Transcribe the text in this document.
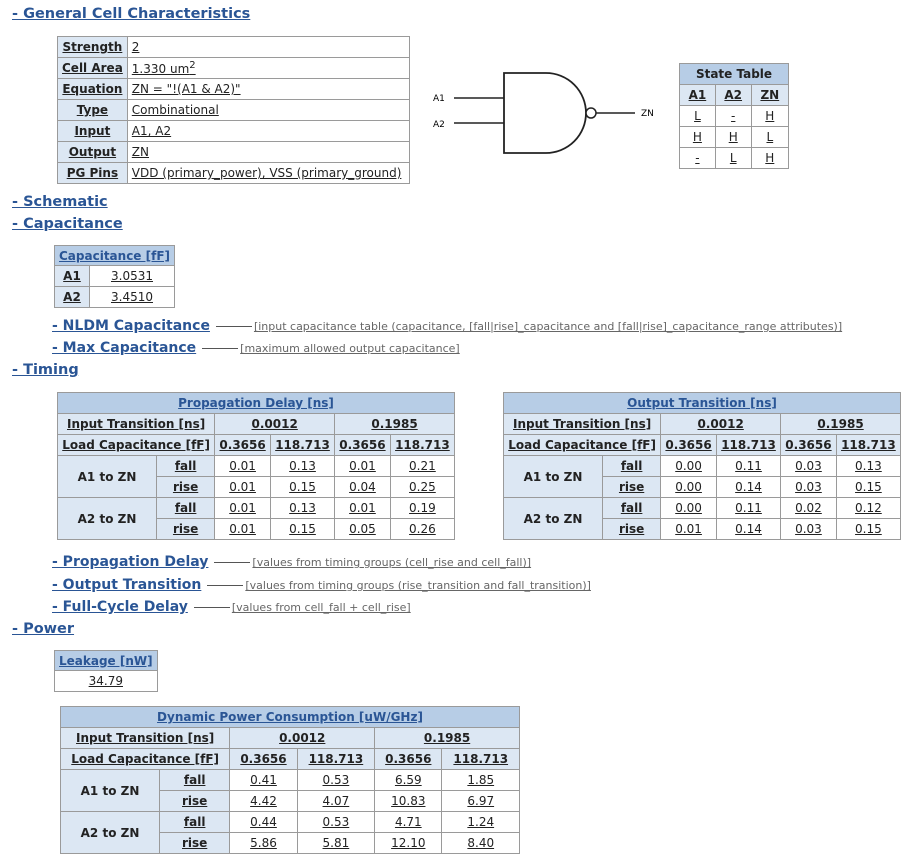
- General Cell Characteristics
- Schematic
- Capacitance
- Timing
- Power
Strength	2
Cell Area	1.330 $um^2$
Equation	ZN = "!(A1 & A2)"
Type	Combinational
Input	A1, A2
Output	ZN
PG Pins	VDD (primary_power), VSS (primary_ground)
A1
A2
ZN
State Table		
A1	A2	ZN
L	-	H
H	H	L
-	L	H
Capacitance [fF]	
A1	3.0531
A2	3.4510
- NLDM Capacitance	[input capacitance table (capacitance, [fall|rise]_capacitance and [fall|rise]_capacitance_range attributes)]
- Max Capacitance	[maximum allowed output capacitance]
Propagation Delay [ns]					
Input Transition [ns]		0.0012		0.1985	
Load Capacitance [fF]		0.3656	118.713	0.3656	118.713
A1 to ZN	fall	0.01	0.13	0.01	0.21
	rise	0.01	0.15	0.04	0.25
A2 to ZN	fall	0.01	0.13	0.01	0.19
	rise	0.01	0.15	0.05	0.26
Output Transition [ns]					
Input Transition [ns]		0.0012		0.1985	
Load Capacitance [fF]		0.3656	118.713	0.3656	118.713
A1 to ZN	fall	0.00	0.11	0.03	0.13
	rise	0.00	0.14	0.03	0.15
A2 to ZN	fall	0.00	0.11	0.02	0.12
	rise	0.01	0.14	0.03	0.15
- Propagation Delay	[values from timing groups (cell_rise and cell_fall)]
- Output Transition	[values from timing groups (rise_transition and fall_transition)]
- Full-Cycle Delay	[values from cell_fall + cell_rise]
Leakage [nW]
34.79
Dynamic Power Consumption [uW/GHz]					
Input Transition [ns]		0.0012		0.1985	
Load Capacitance [fF]		0.3656	118.713	0.3656	118.713
A1 to ZN	fall	0.41	0.53	6.59	1.85
	rise	4.42	4.07	10.83	6.97
A2 to ZN	fall	0.44	0.53	4.71	1.24
	rise	5.86	5.81	12.10	8.40
